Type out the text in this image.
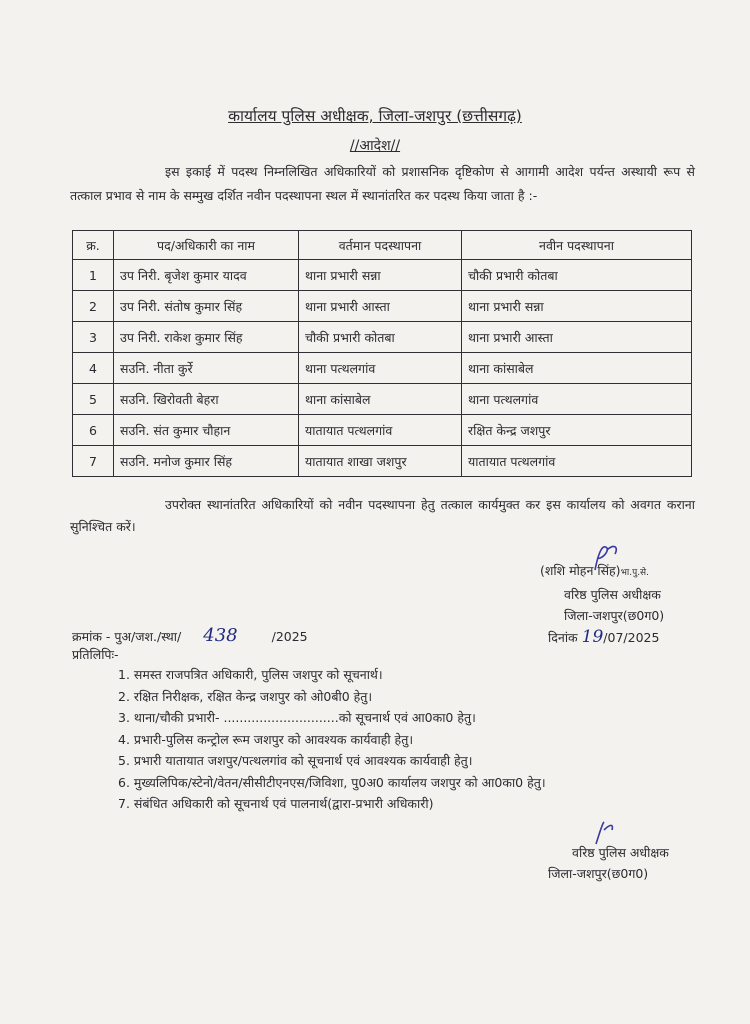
कार्यालय पुलिस अधीक्षक, जिला-जशपुर (छत्तीसगढ़)
//आदेश//
इस इकाई में पदस्थ निम्नलिखित अधिकारियों को प्रशासनिक दृष्टिकोण से आगामी आदेश पर्यन्त अस्थायी रूप से तत्काल प्रभाव से नाम के सम्मुख दर्शित नवीन पदस्थापना स्थल में स्थानांतरित कर पदस्थ किया जाता है :-
क्र.	पद/अधिकारी का नाम	वर्तमान पदस्थापना	नवीन पदस्थापना
1	उप निरी. बृजेश कुमार यादव	थाना प्रभारी सन्ना	चौकी प्रभारी कोतबा
2	उप निरी. संतोष कुमार सिंह	थाना प्रभारी आस्ता	थाना प्रभारी सन्ना
3	उप निरी. राकेश कुमार सिंह	चौकी प्रभारी कोतबा	थाना प्रभारी आस्ता
4	सउनि. नीता कुर्रे	थाना पत्थलगांव	थाना कांसाबेल
5	सउनि. खिरोवती बेहरा	थाना कांसाबेल	थाना पत्थलगांव
6	सउनि. संत कुमार चौहान	यातायात पत्थलगांव	रक्षित केन्द्र जशपुर
7	सउनि. मनोज कुमार सिंह	यातायात शाखा जशपुर	यातायात पत्थलगांव
उपरोक्त स्थानांतरित अधिकारियों को नवीन पदस्थापना हेतु तत्काल कार्यमुक्त कर इस कार्यालय को अवगत कराना सुनिश्चित करें।
(शशि मोहन सिंह)भा.पु.से.
वरिष्ठ पुलिस अधीक्षक
जिला-जशपुर(छ0ग0)
क्रमांक - पुअ/जश./स्था/ 438	/2025	दिनांक 19/07/2025
प्रतिलिपिः-
1. समस्त राजपत्रित अधिकारी, पुलिस जशपुर को सूचनार्थ।
2. रक्षित निरीक्षक, रक्षित केन्द्र जशपुर को ओ0बी0 हेतु।
3. थाना/चौकी प्रभारी- .............................को सूचनार्थ एवं आ0का0 हेतु।
4. प्रभारी-पुलिस कन्ट्रोल रूम जशपुर को आवश्यक कार्यवाही हेतु।
5. प्रभारी यातायात जशपुर/पत्थलगांव को सूचनार्थ एवं आवश्यक कार्यवाही हेतु।
6. मुख्यलिपिक/स्टेनो/वेतन/सीसीटीएनएस/जिविशा, पु0अ0 कार्यालय जशपुर को आ0का0 हेतु।
7. संबंधित अधिकारी को सूचनार्थ एवं पालनार्थ(द्वारा-प्रभारी अधिकारी)
वरिष्ठ पुलिस अधीक्षक
जिला-जशपुर(छ0ग0)
